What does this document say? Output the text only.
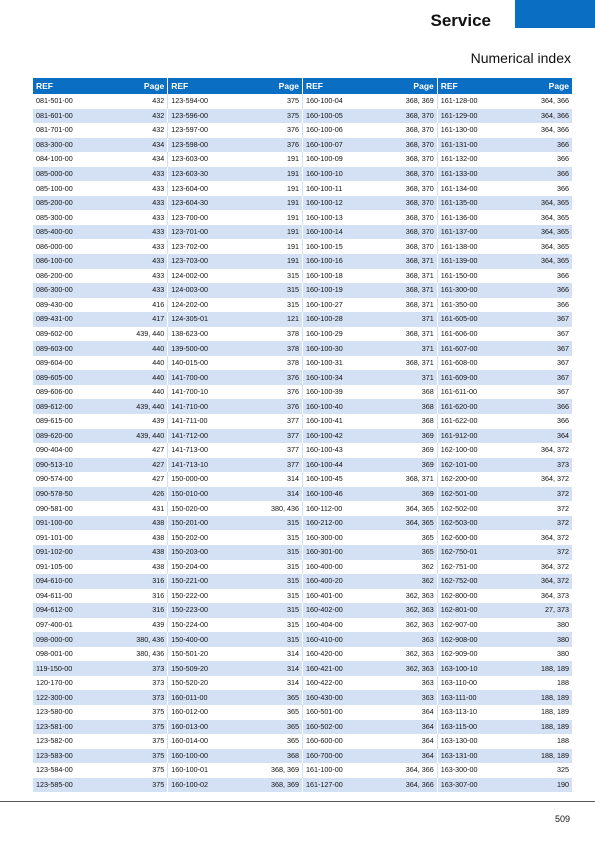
Service
Numerical index
REF	Page	REF	Page	REF	Page	REF	Page
081-501-00	432	123-594-00	375	160-100-04	368, 369	161-128-00	364, 366
081-601-00	432	123-596-00	375	160-100-05	368, 370	161-129-00	364, 366
081-701-00	432	123-597-00	376	160-100-06	368, 370	161-130-00	364, 366
083-300-00	434	123-598-00	376	160-100-07	368, 370	161-131-00	366
084-100-00	434	123-603-00	191	160-100-09	368, 370	161-132-00	366
085-000-00	433	123-603-30	191	160-100-10	368, 370	161-133-00	366
085-100-00	433	123-604-00	191	160-100-11	368, 370	161-134-00	366
085-200-00	433	123-604-30	191	160-100-12	368, 370	161-135-00	364, 365
085-300-00	433	123-700-00	191	160-100-13	368, 370	161-136-00	364, 365
085-400-00	433	123-701-00	191	160-100-14	368, 370	161-137-00	364, 365
086-000-00	433	123-702-00	191	160-100-15	368, 370	161-138-00	364, 365
086-100-00	433	123-703-00	191	160-100-16	368, 371	161-139-00	364, 365
086-200-00	433	124-002-00	315	160-100-18	368, 371	161-150-00	366
086-300-00	433	124-003-00	315	160-100-19	368, 371	161-300-00	366
089-430-00	416	124-202-00	315	160-100-27	368, 371	161-350-00	366
089-431-00	417	124-305-01	121	160-100-28	371	161-605-00	367
089-602-00	439, 440	138-623-00	378	160-100-29	368, 371	161-606-00	367
089-603-00	440	139-500-00	378	160-100-30	371	161-607-00	367
089-604-00	440	140-015-00	378	160-100-31	368, 371	161-608-00	367
089-605-00	440	141-700-00	376	160-100-34	371	161-609-00	367
089-606-00	440	141-700-10	376	160-100-39	368	161-611-00	367
089-612-00	439, 440	141-710-00	376	160-100-40	368	161-620-00	366
089-615-00	439	141-711-00	377	160-100-41	368	161-622-00	366
089-620-00	439, 440	141-712-00	377	160-100-42	369	161-912-00	364
090-404-00	427	141-713-00	377	160-100-43	369	162-100-00	364, 372
090-513-10	427	141-713-10	377	160-100-44	369	162-101-00	373
090-574-00	427	150-000-00	314	160-100-45	368, 371	162-200-00	364, 372
090-578-50	426	150-010-00	314	160-100-46	369	162-501-00	372
090-581-00	431	150-020-00	380, 436	160-112-00	364, 365	162-502-00	372
091-100-00	438	150-201-00	315	160-212-00	364, 365	162-503-00	372
091-101-00	438	150-202-00	315	160-300-00	365	162-600-00	364, 372
091-102-00	438	150-203-00	315	160-301-00	365	162-750-01	372
091-105-00	438	150-204-00	315	160-400-00	362	162-751-00	364, 372
094-610-00	316	150-221-00	315	160-400-20	362	162-752-00	364, 372
094-611-00	316	150-222-00	315	160-401-00	362, 363	162-800-00	364, 373
094-612-00	316	150-223-00	315	160-402-00	362, 363	162-801-00	27, 373
097-400-01	439	150-224-00	315	160-404-00	362, 363	162-907-00	380
098-000-00	380, 436	150-400-00	315	160-410-00	363	162-908-00	380
098-001-00	380, 436	150-501-20	314	160-420-00	362, 363	162-909-00	380
119-150-00	373	150-509-20	314	160-421-00	362, 363	163-100-10	188, 189
120-170-00	373	150-520-20	314	160-422-00	363	163-110-00	188
122-300-00	373	160-011-00	365	160-430-00	363	163-111-00	188, 189
123-580-00	375	160-012-00	365	160-501-00	364	163-113-10	188, 189
123-581-00	375	160-013-00	365	160-502-00	364	163-115-00	188, 189
123-582-00	375	160-014-00	365	160-600-00	364	163-130-00	188
123-583-00	375	160-100-00	368	160-700-00	364	163-131-00	188, 189
123-584-00	375	160-100-01	368, 369	161-100-00	364, 366	163-300-00	325
123-585-00	375	160-100-02	368, 369	161-127-00	364, 366	163-307-00	190
509
